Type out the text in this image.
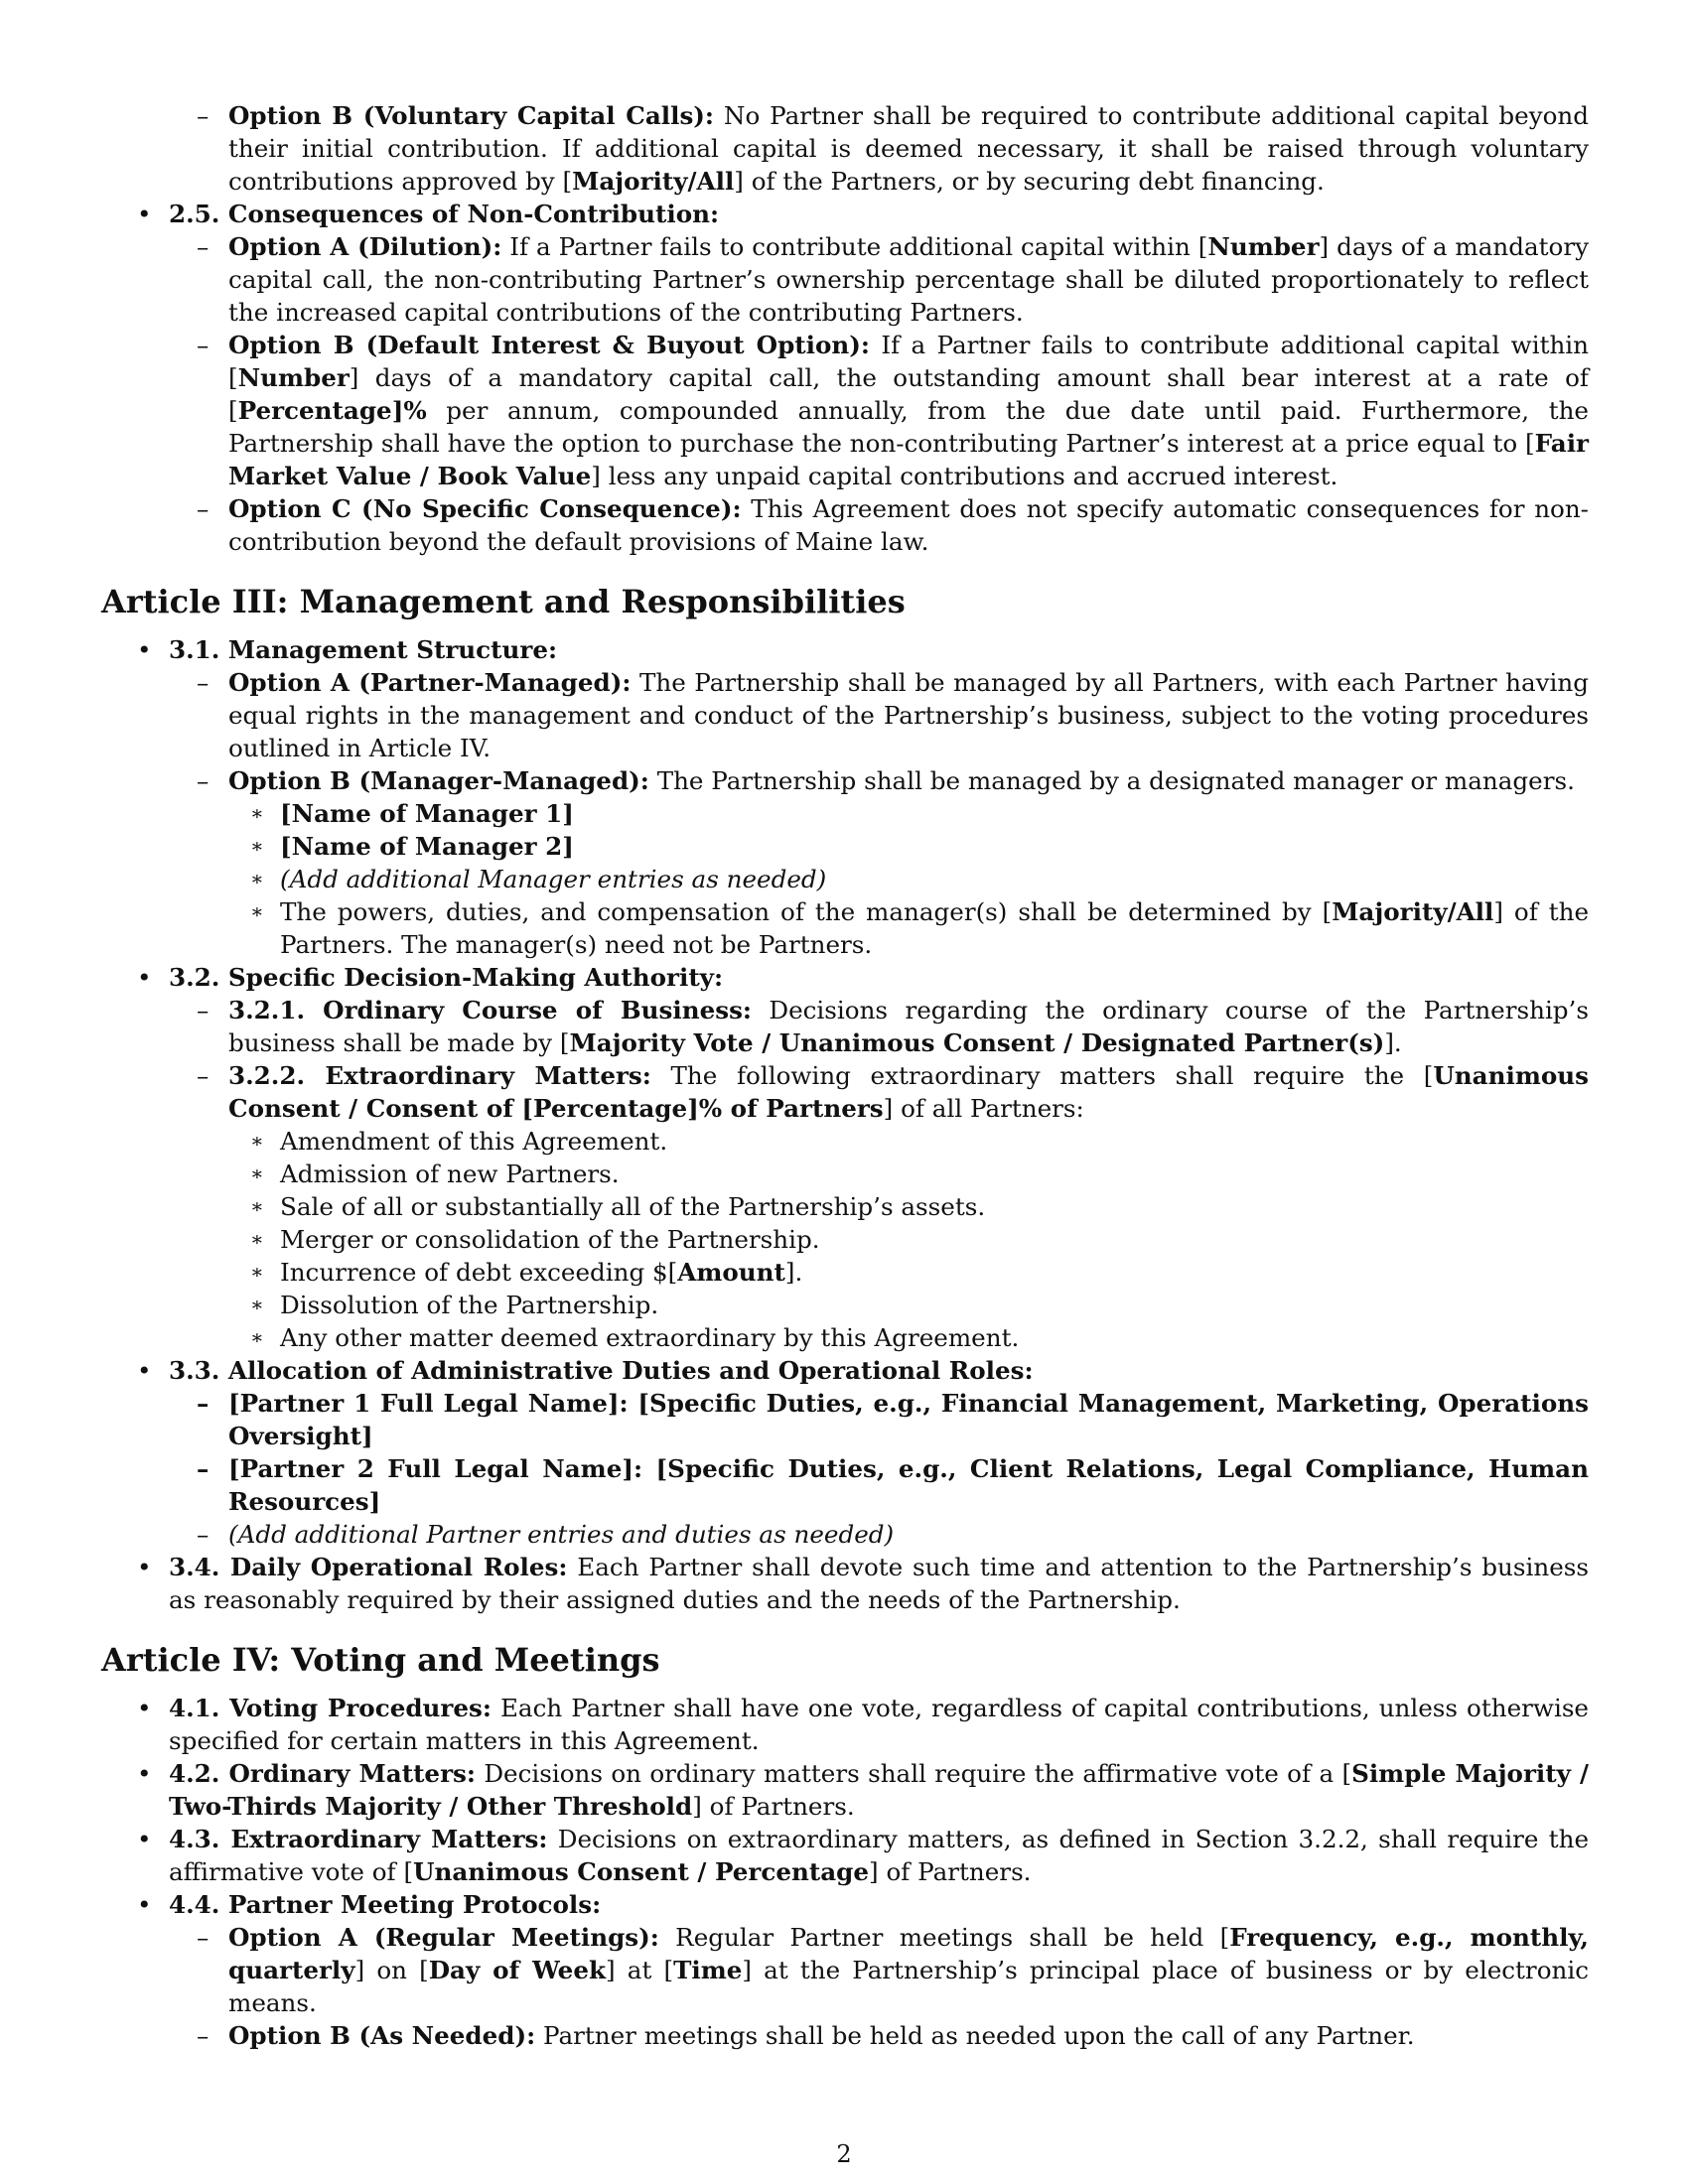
– Option B (Voluntary Capital Calls): No Partner shall be required to contribute additional capital beyond their initial contribution. If additional capital is deemed necessary, it shall be raised through voluntary contributions approved by [Majority/All] of the Partners, or by securing debt financing.
• 2.5. Consequences of Non-Contribution:
– Option A (Dilution): If a Partner fails to contribute additional capital within [Number] days of a mandatory capital call, the non-contributing Partner’s ownership percentage shall be diluted proportionately to reflect the increased capital contributions of the contributing Partners.
– Option B (Default Interest & Buyout Option): If a Partner fails to contribute additional capital within [Number] days of a mandatory capital call, the outstanding amount shall bear interest at a rate of [Percentage]% per annum, compounded annually, from the due date until paid. Furthermore, the Partnership shall have the option to purchase the non-contributing Partner’s interest at a price equal to [Fair Market Value / Book Value] less any unpaid capital contributions and accrued interest.
– Option C (No Specific Consequence): This Agreement does not specify automatic consequences for non-contribution beyond the default provisions of Maine law.
Article III: Management and Responsibilities
• 3.1. Management Structure:
– Option A (Partner-Managed): The Partnership shall be managed by all Partners, with each Partner having equal rights in the management and conduct of the Partnership’s business, subject to the voting procedures outlined in Article IV.
– Option B (Manager-Managed): The Partnership shall be managed by a designated manager or managers.
∗ [Name of Manager 1]
∗ [Name of Manager 2]
∗ (Add additional Manager entries as needed)
∗ The powers, duties, and compensation of the manager(s) shall be determined by [Majority/All] of the Partners. The manager(s) need not be Partners.
• 3.2. Specific Decision-Making Authority:
– 3.2.1. Ordinary Course of Business: Decisions regarding the ordinary course of the Partnership’s business shall be made by [Majority Vote / Unanimous Consent / Designated Partner(s)].
– 3.2.2. Extraordinary Matters: The following extraordinary matters shall require the [Unanimous Consent / Consent of [Percentage]% of Partners] of all Partners:
∗ Amendment of this Agreement.
∗ Admission of new Partners.
∗ Sale of all or substantially all of the Partnership’s assets.
∗ Merger or consolidation of the Partnership.
∗ Incurrence of debt exceeding $[Amount].
∗ Dissolution of the Partnership.
∗ Any other matter deemed extraordinary by this Agreement.
• 3.3. Allocation of Administrative Duties and Operational Roles:
– [Partner 1 Full Legal Name]: [Specific Duties, e.g., Financial Management, Marketing, Operations Oversight]
– [Partner 2 Full Legal Name]: [Specific Duties, e.g., Client Relations, Legal Compliance, Human Resources]
– (Add additional Partner entries and duties as needed)
• 3.4. Daily Operational Roles: Each Partner shall devote such time and attention to the Partnership’s business as reasonably required by their assigned duties and the needs of the Partnership.
Article IV: Voting and Meetings
• 4.1. Voting Procedures: Each Partner shall have one vote, regardless of capital contributions, unless otherwise specified for certain matters in this Agreement.
• 4.2. Ordinary Matters: Decisions on ordinary matters shall require the affirmative vote of a [Simple Majority / Two-Thirds Majority / Other Threshold] of Partners.
• 4.3. Extraordinary Matters: Decisions on extraordinary matters, as defined in Section 3.2.2, shall require the affirmative vote of [Unanimous Consent / Percentage] of Partners.
• 4.4. Partner Meeting Protocols:
– Option A (Regular Meetings): Regular Partner meetings shall be held [Frequency, e.g., monthly, quarterly] on [Day of Week] at [Time] at the Partnership’s principal place of business or by electronic means.
– Option B (As Needed): Partner meetings shall be held as needed upon the call of any Partner.
2
